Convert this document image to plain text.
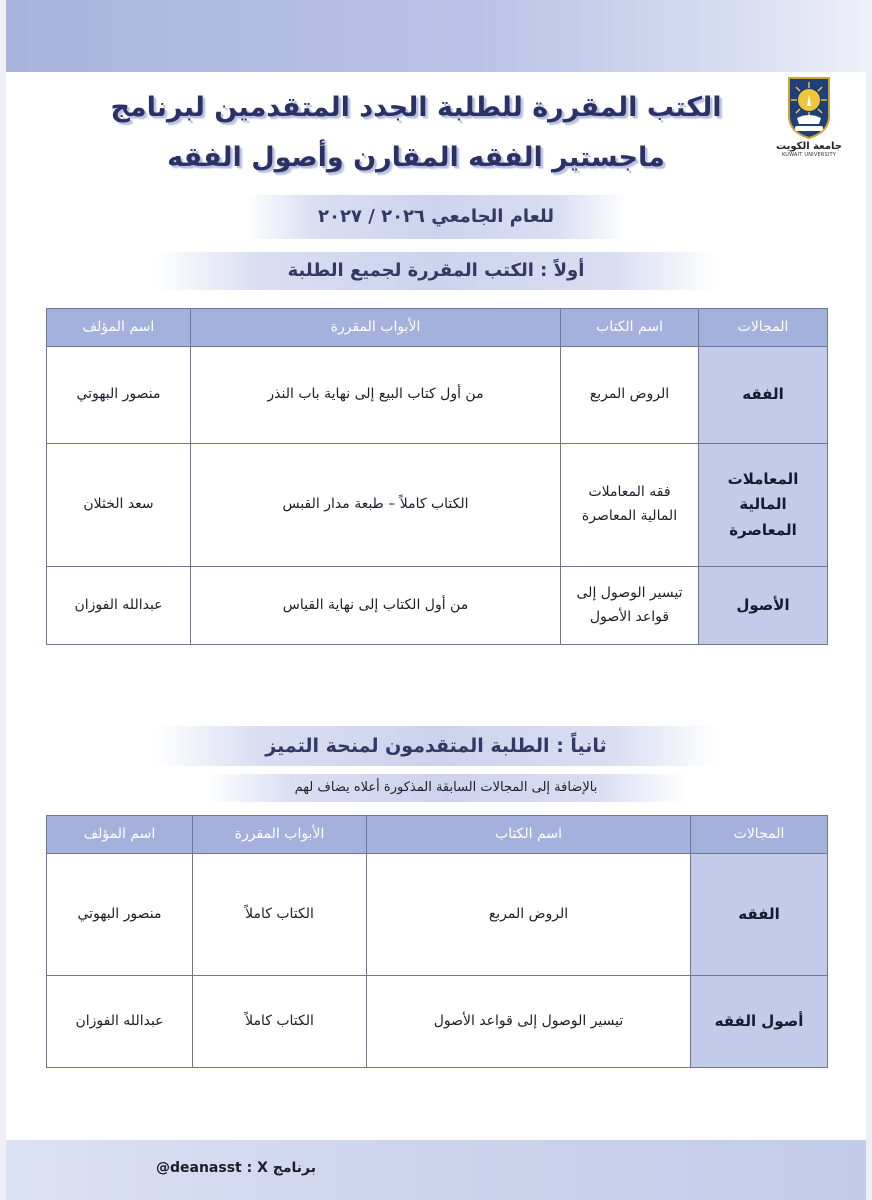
جامعة الكويت
KUWAIT UNIVERSITY
الكتب المقررة للطلبة الجدد المتقدمين لبرنامج
ماجستير الفقه المقارن وأصول الفقه
للعام الجامعي ٢٠٢٦ / ٢٠٢٧
أولاً : الكتب المقررة لجميع الطلبة
المجالات	اسم الكتاب	الأبواب المقررة	اسم المؤلف
الفقه	الروض المربع	من أول كتاب البيع إلى نهاية باب النذر	منصور البهوتي
المعاملات المالية المعاصرة	فقه المعاملات المالية المعاصرة	الكتاب كاملاً – طبعة مدار القبس	سعد الخثلان
الأصول	تيسير الوصول إلى قواعد الأصول	من أول الكتاب إلى نهاية القياس	عبدالله الفوزان
ثانياً : الطلبة المتقدمون لمنحة التميز
بالإضافة إلى المجالات السابقة المذكورة أعلاه يضاف لهم
المجالات	اسم الكتاب	الأبواب المقررة	اسم المؤلف
الفقه	الروض المربع	الكتاب كاملاً	منصور البهوتي
أصول الفقه	تيسير الوصول إلى قواعد الأصول	الكتاب كاملاً	عبدالله الفوزان
@deanasst : X برنامج
